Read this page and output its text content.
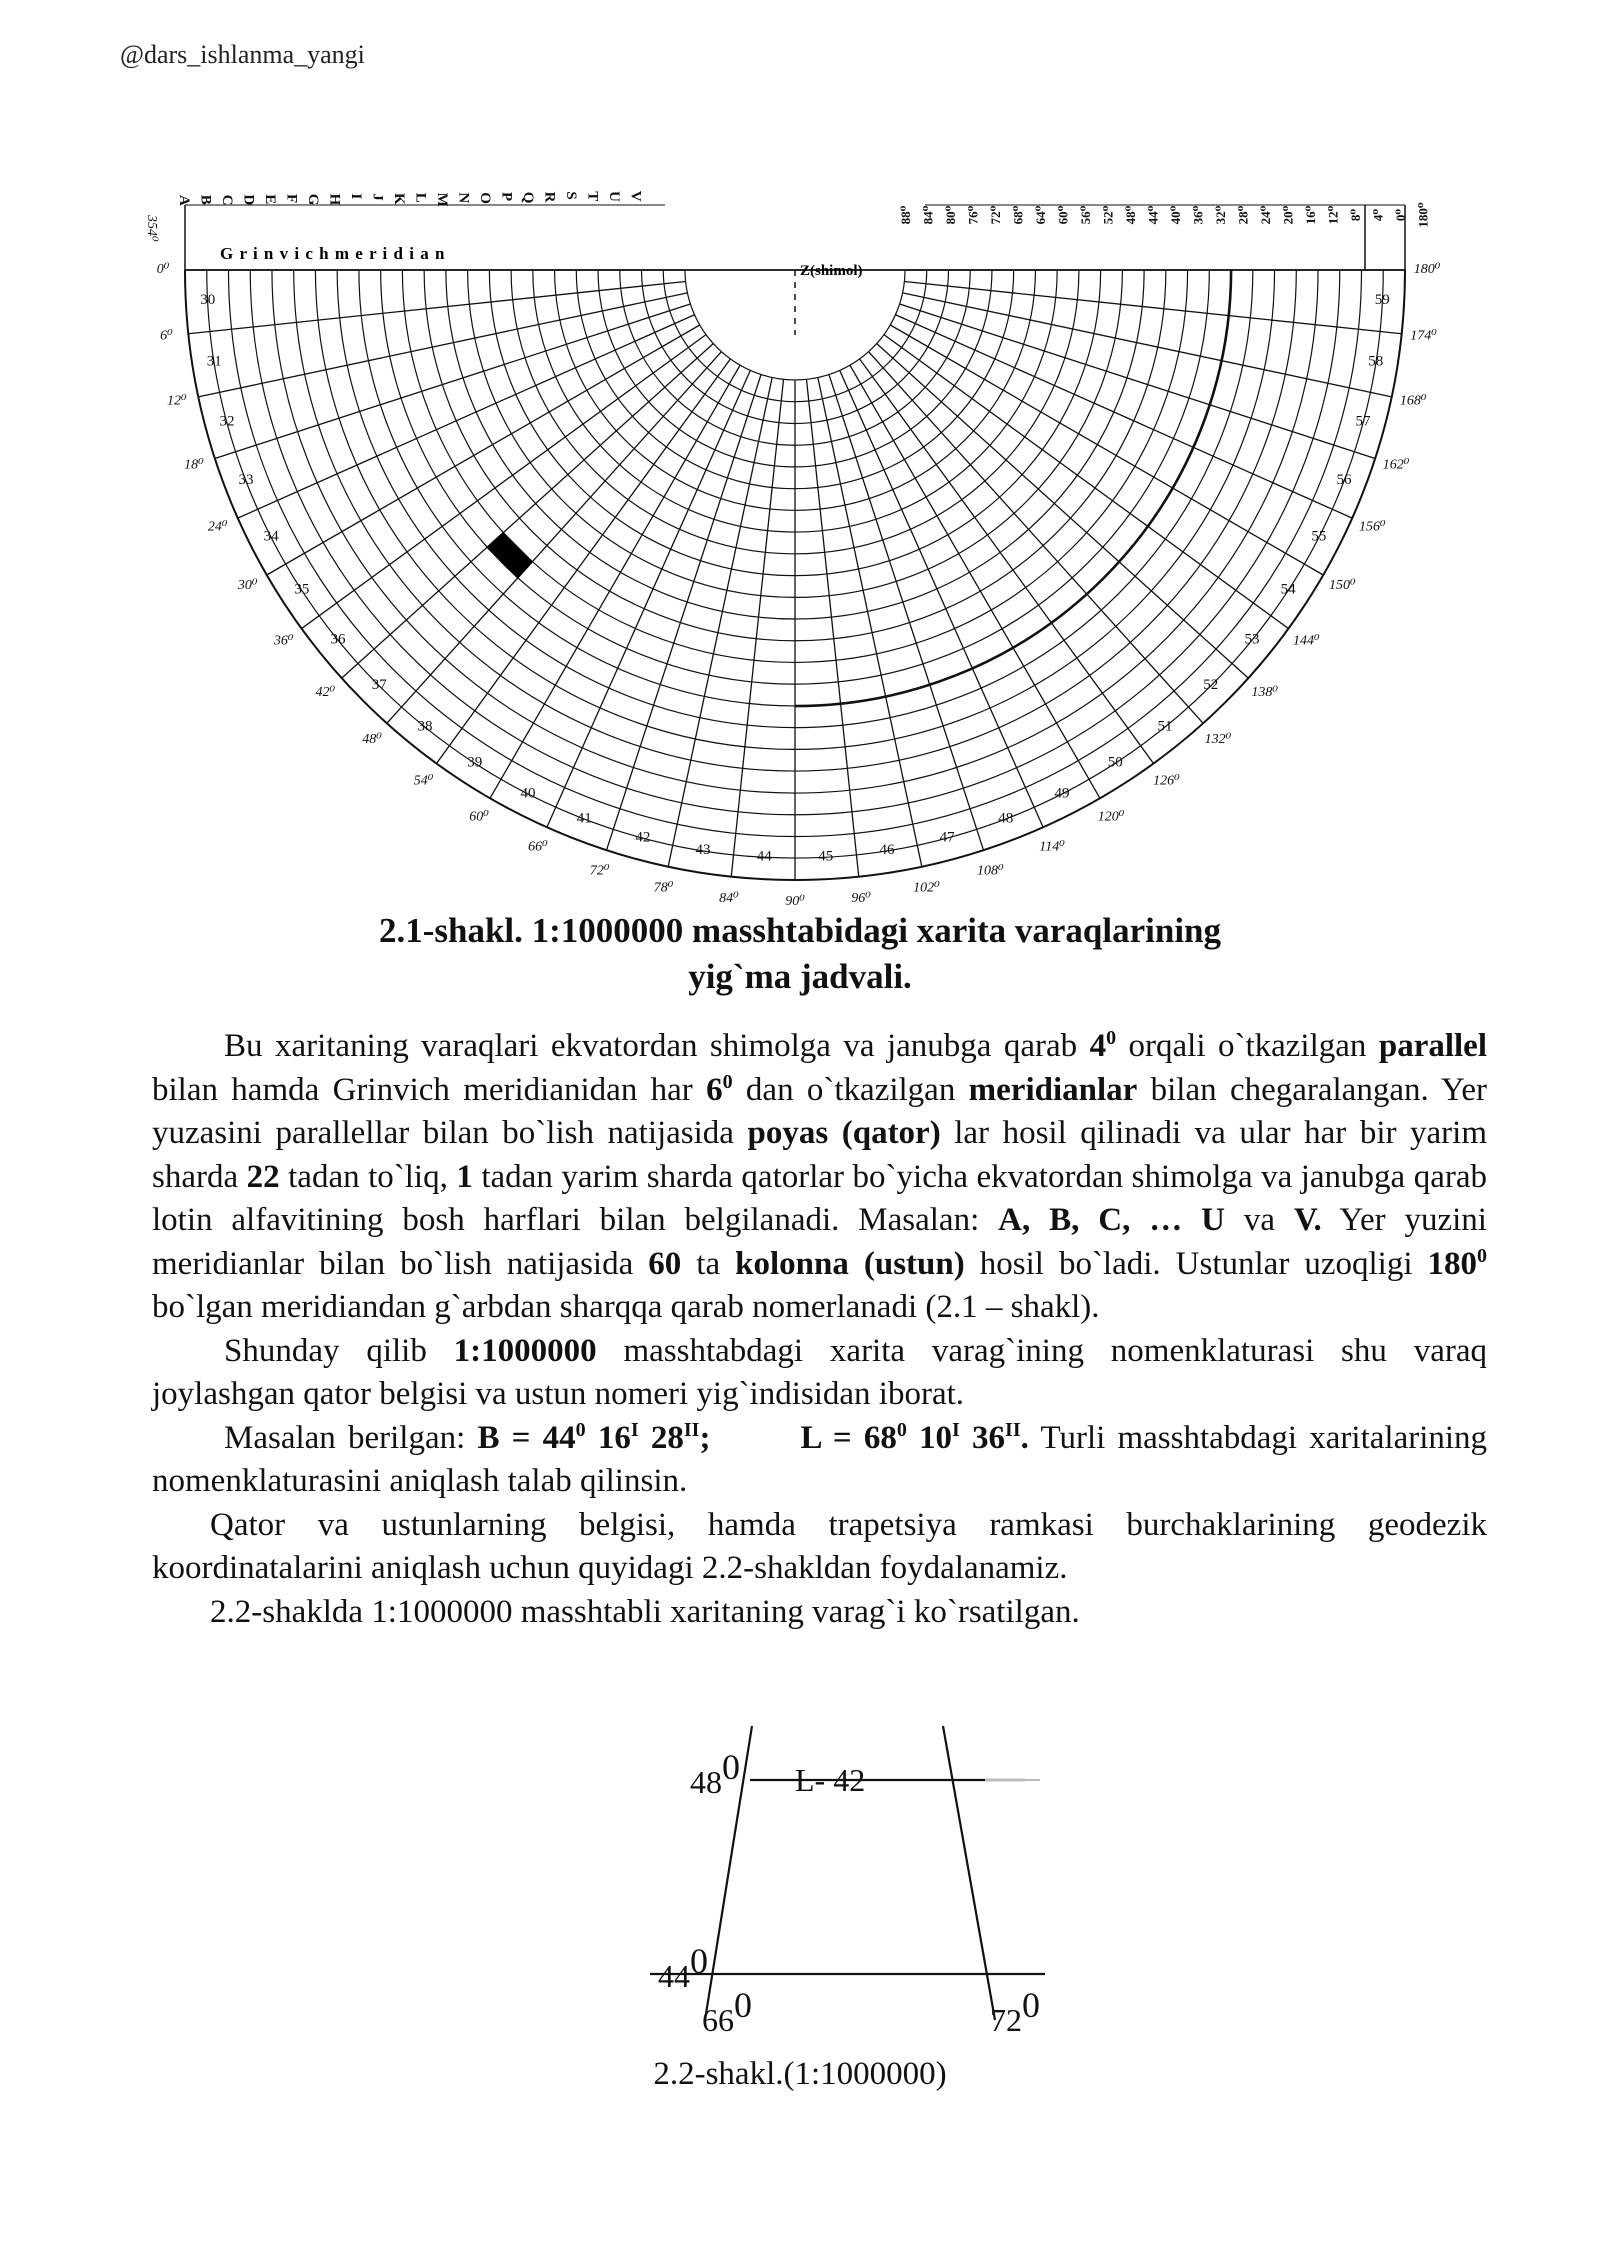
@dars_ishlanma_yangi
30
31
32
33
34
35
36
37
38
39
40
41
42
43	44	45	46
47
48
49
50
51
52
53
54
55
56
57
58
59
0⁰
6⁰
12⁰
18⁰
24⁰
30⁰
36⁰
42⁰
48⁰
54⁰
60⁰
66⁰
72⁰
78⁰
84⁰	90⁰	96⁰
102⁰
108⁰
114⁰
120⁰
126⁰
132⁰
138⁰
144⁰
150⁰
156⁰
162⁰
168⁰
174⁰
180⁰
354⁰
A B C D E F G H I J K L M N O P Q R S T U V
88⁰ 84⁰ 80⁰ 76⁰ 72⁰ 68⁰ 64⁰ 60⁰ 56⁰ 52⁰ 48⁰ 44⁰ 40⁰ 36⁰ 32⁰ 28⁰ 24⁰ 20⁰ 16⁰ 12⁰ 8⁰ 4⁰ 0⁰ 180⁰
Z(shimol)
G r i n v i c h m e r i d i a n
2.1-shakl. 1:1000000 masshtabidagi xarita varaqlarining
yig`ma jadvali.

Bu xaritaning varaqlari ekvatordan shimolga va janubga qarab $4^0$ orqali o`tkazilgan parallel bilan hamda Grinvich meridianidan har $6^0$ dan o`tkazilgan meridianlar bilan chegaralangan. Yer yuzasini parallellar bilan bo`lish natijasida poyas (qator) lar hosil qilinadi va ular har bir yarim sharda 22 tadan to`liq, 1 tadan yarim sharda qatorlar bo`yicha ekvatordan shimolga va janubga qarab lotin alfavitining bosh harflari bilan belgilanadi. Masalan: A, B, C, … U va V. Yer yuzini meridianlar bilan bo`lish natijasida 60 ta kolonna (ustun) hosil bo`ladi. Ustunlar uzoqligi $180^0$ bo`lgan meridiandan g`arbdan sharqqa qarab nomerlanadi (2.1 – shakl).

Shunday qilib 1:1000000 masshtabdagi xarita varag`ining nomenklaturasi shu varaq joylashgan qator belgisi va ustun nomeri yig`indisidan iborat.

Masalan berilgan: $B = 44^0$ $16^I$ $28^{II}$;	$L = 68^0$ $10^I$ $36^{II}$. Turli masshtabdagi xaritalarining nomenklaturasini aniqlash talab qilinsin.

Qator va ustunlarning belgisi, hamda trapetsiya ramkasi burchaklarining geodezik koordinatalarini aniqlash uchun quyidagi 2.2-shakldan foydalanamiz.

2.2-shaklda 1:1000000 masshtabli xaritaning varag`i ko`rsatilgan.

480 L- 42
440
660	720
2.2-shakl.(1:1000000)
